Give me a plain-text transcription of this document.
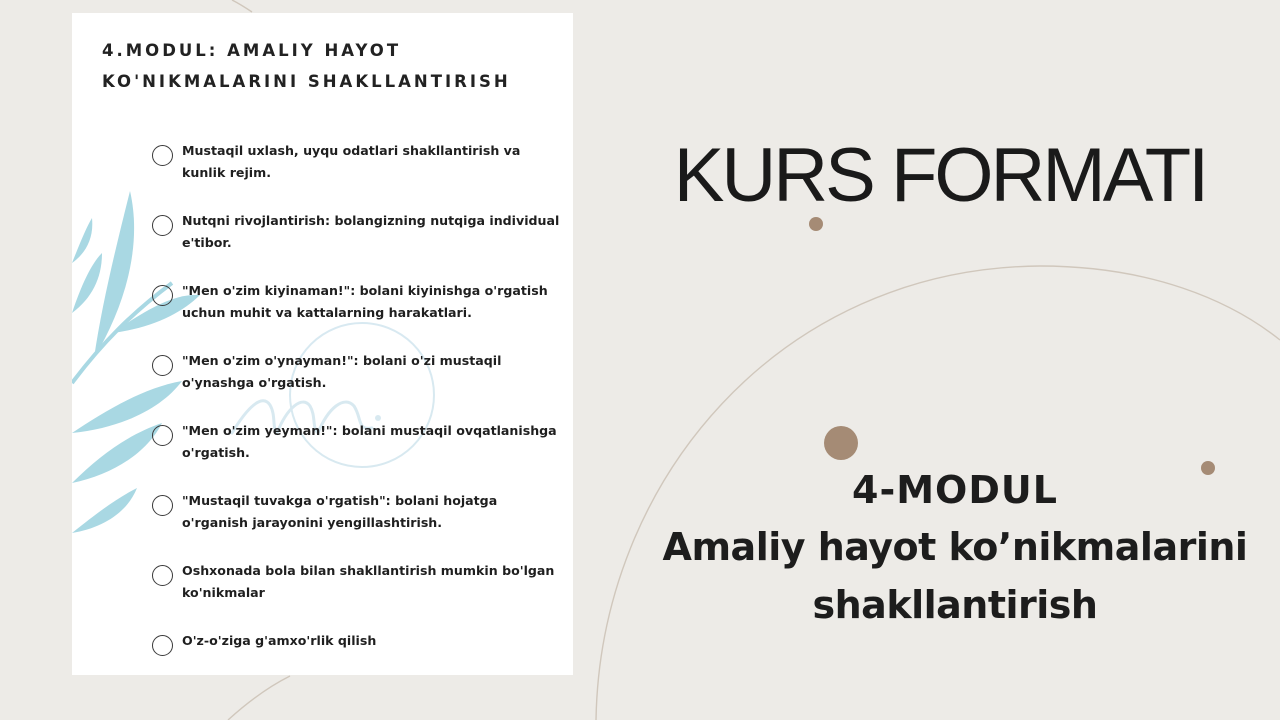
4.MODUL: AMALIY HAYOT
KO'NIKMALARINI SHAKLLANTIRISH
Mustaqil uxlash, uyqu odatlari shakllantirish va kunlik rejim.
Nutqni rivojlantirish: bolangizning nutqiga individual e'tibor.
"Men o'zim kiyinaman!": bolani kiyinishga o'rgatish uchun muhit va kattalarning harakatlari.
"Men o'zim o'ynayman!": bolani o'zi mustaqil o'ynashga o'rgatish.
"Men o'zim yeyman!": bolani mustaqil ovqatlanishga o'rgatish.
"Mustaqil tuvakga o'rgatish": bolani hojatga o'rganish jarayonini yengillashtirish.
Oshxonada bola bilan shakllantirish mumkin bo'lgan ko'nikmalar
O'z-o'ziga g'amxo'rlik qilish
KURS FORMATI
4-MODUL
Amaliy hayot ko’nikmalarini shakllantirish
